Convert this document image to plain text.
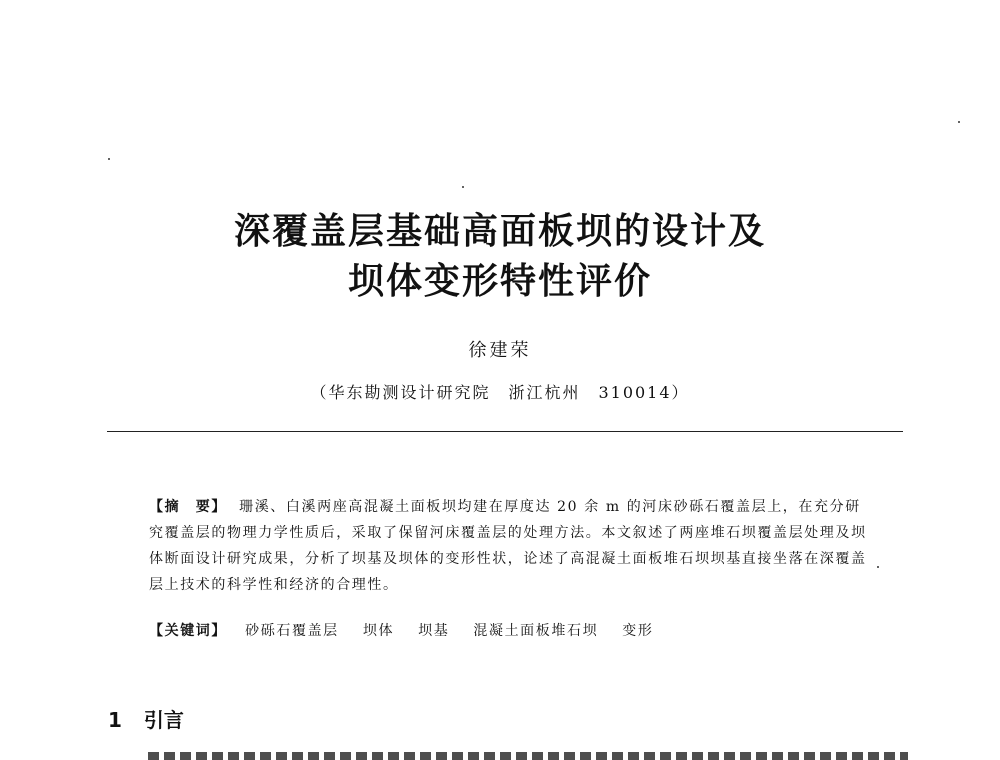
深覆盖层基础高面板坝的设计及
坝体变形特性评价
徐建荣
（华东勘测设计研究院　浙江杭州　310014）
【摘　要】 珊溪、白溪两座高混凝土面板坝均建在厚度达 20 余 m 的河床砂砾石覆盖层上，在充分研究覆盖层的物理力学性质后，采取了保留河床覆盖层的处理方法。本文叙述了两座堆石坝覆盖层处理及坝体断面设计研究成果，分析了坝基及坝体的变形性状，论述了高混凝土面板堆石坝坝基直接坐落在深覆盖层上技术的科学性和经济的合理性。
【关键词】 砂砾石覆盖层 坝体 坝基 混凝土面板堆石坝 变形
1 引言
